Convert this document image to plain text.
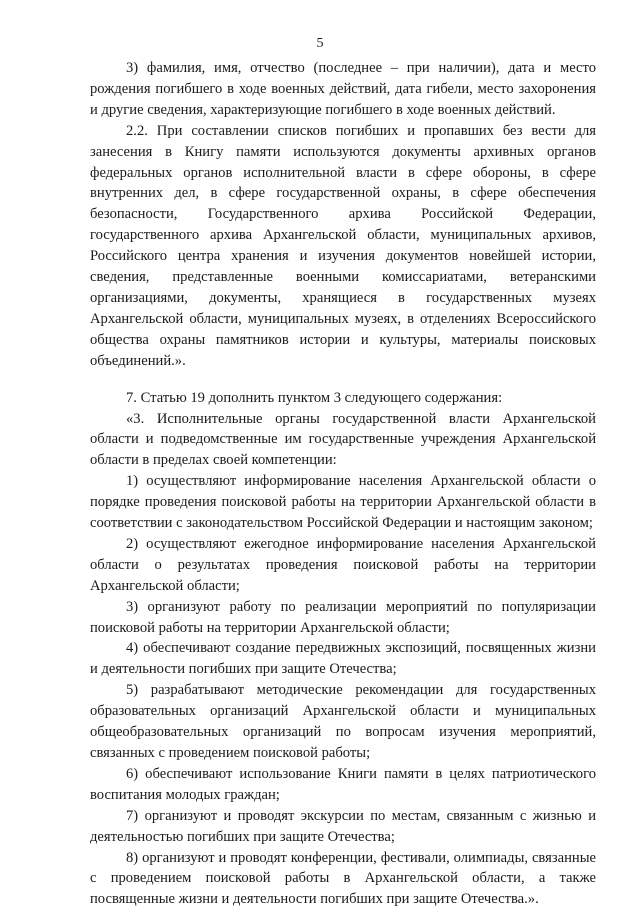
5

3) фамилия, имя, отчество (последнее – при наличии), дата и место рождения погибшего в ходе военных действий, дата гибели, место захоронения и другие сведения, характеризующие погибшего в ходе военных действий.

2.2. При составлении списков погибших и пропавших без вести для занесения в Книгу памяти используются документы архивных органов федеральных органов исполнительной власти в сфере обороны, в сфере внутренних дел, в сфере государственной охраны, в сфере обеспечения безопасности, Государственного архива Российской Федерации, государственного архива Архангельской области, муниципальных архивов, Российского центра хранения и изучения документов новейшей истории, сведения, представленные военными комиссариатами, ветеранскими организациями, документы, хранящиеся в государственных музеях Архангельской области, муниципальных музеях, в отделениях Всероссийского общества охраны памятников истории и культуры, материалы поисковых объединений.».

7. Статью 19 дополнить пунктом 3 следующего содержания:

«3. Исполнительные органы государственной власти Архангельской области и подведомственные им государственные учреждения Архангельской области в пределах своей компетенции:

1) осуществляют информирование населения Архангельской области о порядке проведения поисковой работы на территории Архангельской области в соответствии с законодательством Российской Федерации и настоящим законом;

2) осуществляют ежегодное информирование населения Архангельской области о результатах проведения поисковой работы на территории Архангельской области;

3) организуют работу по реализации мероприятий по популяризации поисковой работы на территории Архангельской области;

4) обеспечивают создание передвижных экспозиций, посвященных жизни и деятельности погибших при защите Отечества;

5) разрабатывают методические рекомендации для государственных образовательных организаций Архангельской области и муниципальных общеобразовательных организаций по вопросам изучения мероприятий, связанных с проведением поисковой работы;

6) обеспечивают использование Книги памяти в целях патриотического воспитания молодых граждан;

7) организуют и проводят экскурсии по местам, связанным с жизнью и деятельностью погибших при защите Отечества;

8) организуют и проводят конференции, фестивали, олимпиады, связанные с проведением поисковой работы в Архангельской области, а также посвященные жизни и деятельности погибших при защите Отечества.».
